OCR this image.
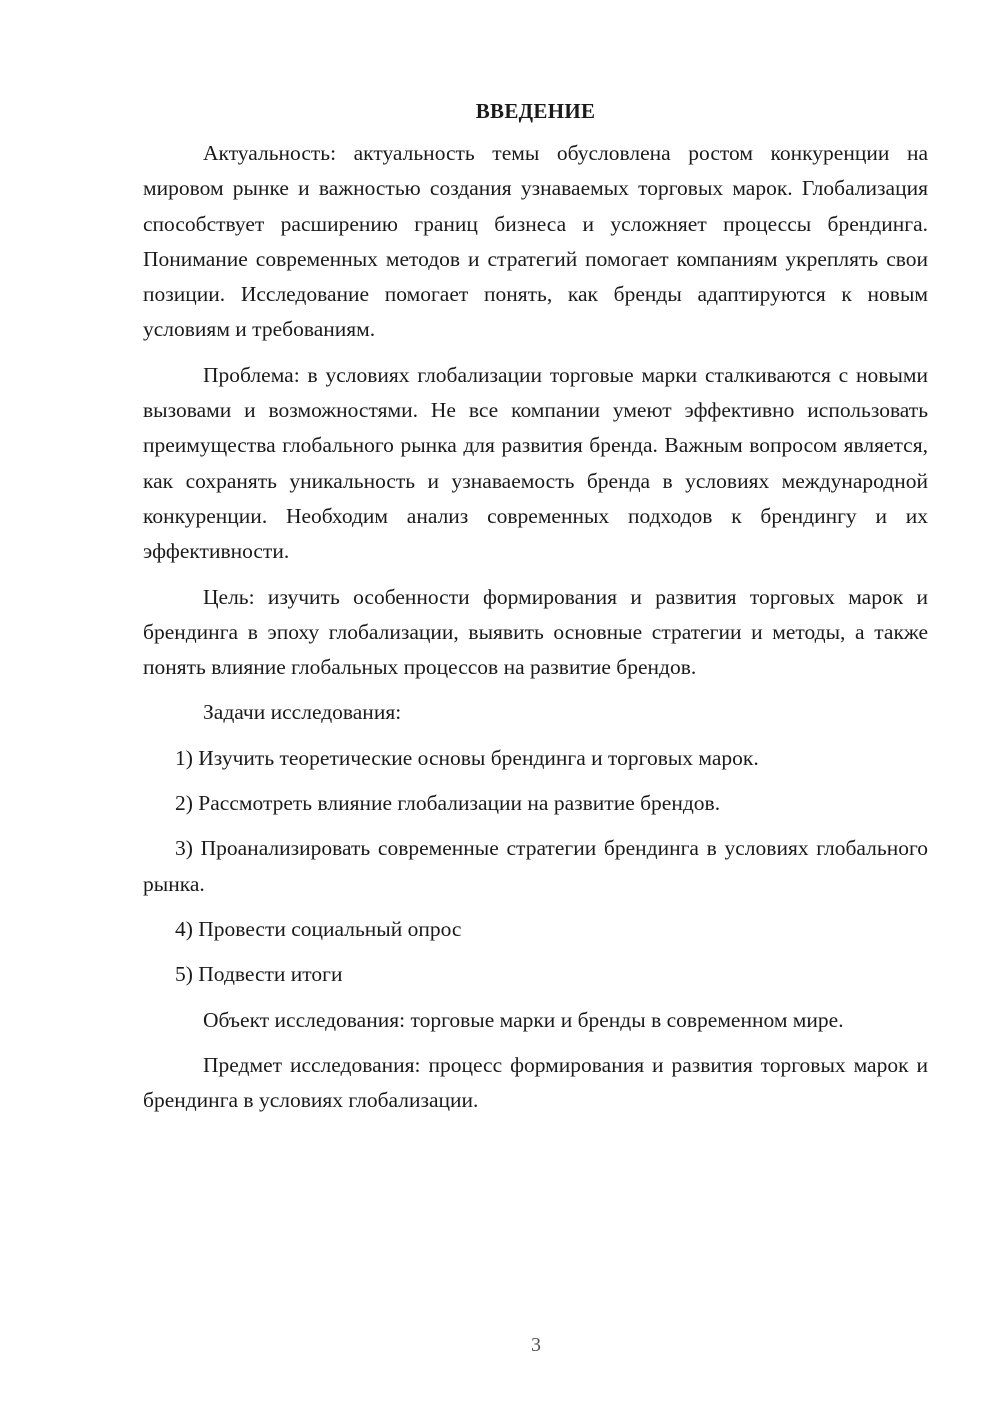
ВВЕДЕНИЕ

Актуальность: актуальность темы обусловлена ростом конкуренции на мировом рынке и важностью создания узнаваемых торговых марок. Глобализация способствует расширению границ бизнеса и усложняет процессы брендинга. Понимание современных методов и стратегий помогает компаниям укреплять свои позиции. Исследование помогает понять, как бренды адаптируются к новым условиям и требованиям.

Проблема: в условиях глобализации торговые марки сталкиваются с новыми вызовами и возможностями. Не все компании умеют эффективно использовать преимущества глобального рынка для развития бренда. Важным вопросом является, как сохранять уникальность и узнаваемость бренда в условиях международной конкуренции. Необходим анализ современных подходов к брендингу и их эффективности.

Цель: изучить особенности формирования и развития торговых марок и брендинга в эпоху глобализации, выявить основные стратегии и методы, а также понять влияние глобальных процессов на развитие брендов.

Задачи исследования:

1) Изучить теоретические основы брендинга и торговых марок.

2) Рассмотреть влияние глобализации на развитие брендов.

3) Проанализировать современные стратегии брендинга в условиях глобального рынка.

4) Провести социальный опрос

5) Подвести итоги

Объект исследования: торговые марки и бренды в современном мире.

Предмет исследования: процесс формирования и развития торговых марок и брендинга в условиях глобализации.

3
